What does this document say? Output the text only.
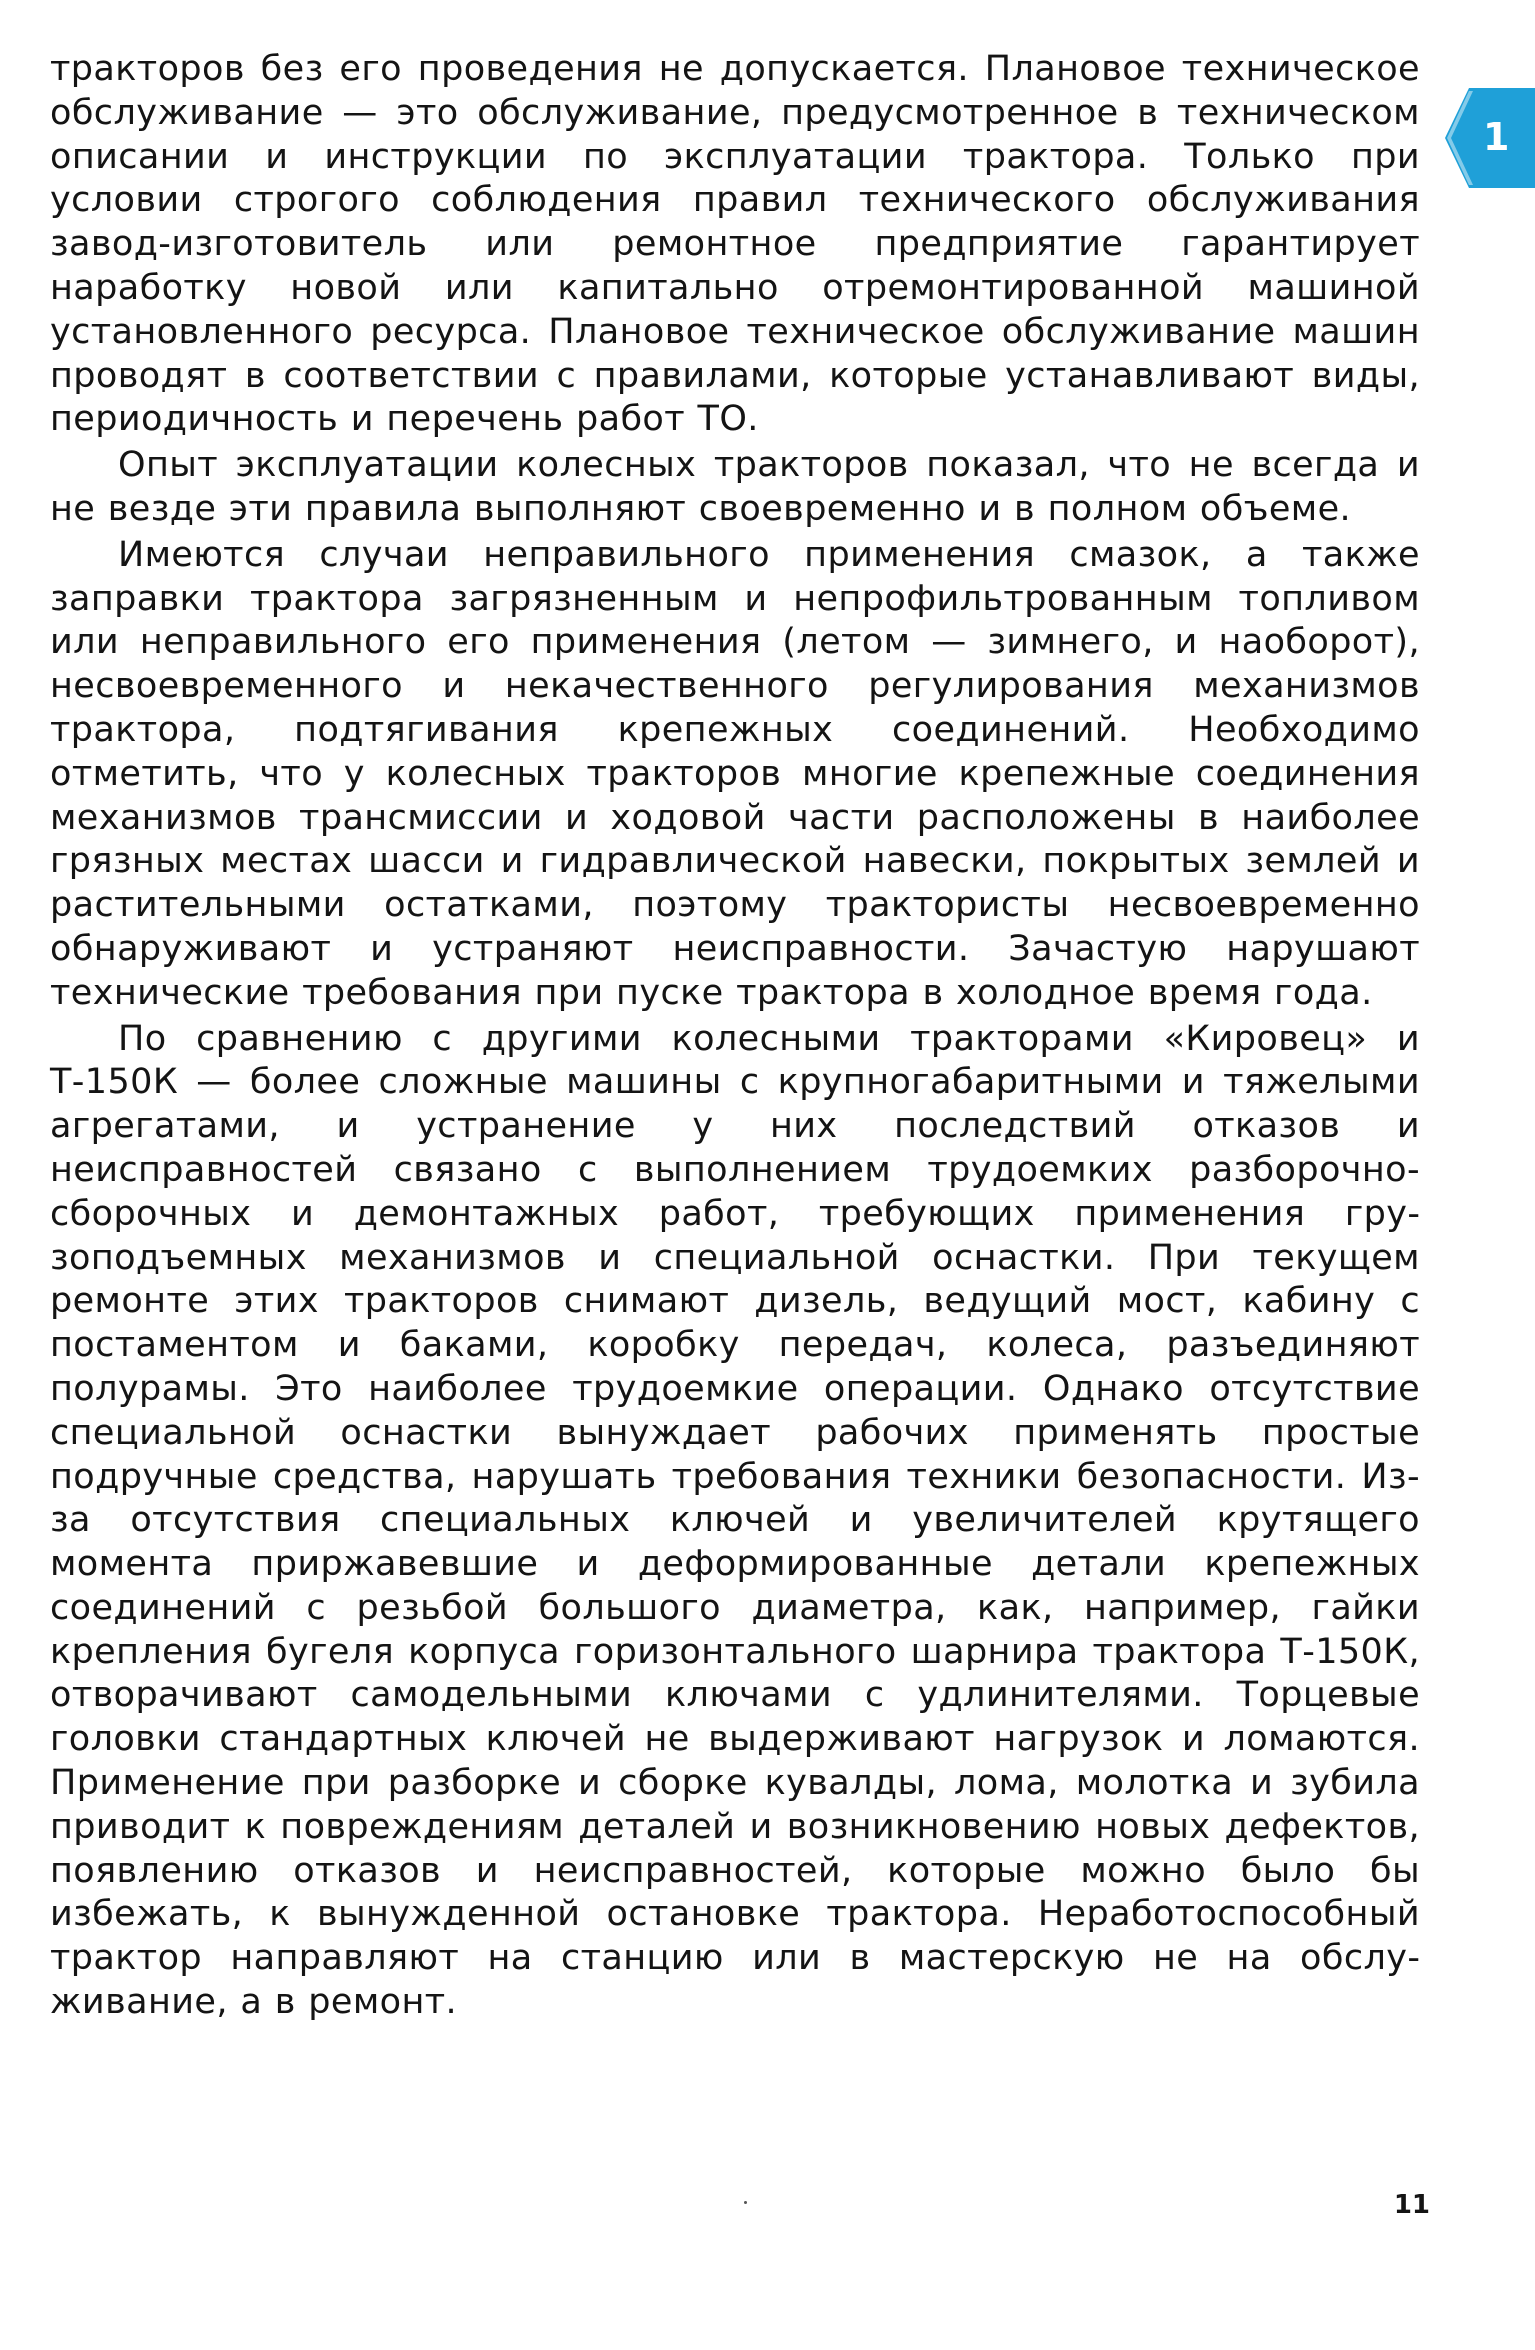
тракторов без его проведения не допускается. Плановое техническое обслуживание — это обслуживание, предусмотренное в техническом описании и инструкции по эксплуатации трактора. Только при условии строгого соблюдения правил технического обслуживания завод-изготовитель или ремонтное предприятие гарантирует наработку новой или капитально отремонтированной машиной установленного ресурса. Плановое техническое обслуживание машин проводят в соответствии с правилами, которые устанавливают виды, периодичность и перечень работ ТО.

Опыт эксплуатации колесных тракторов показал, что не всегда и не везде эти правила выполняют своевременно и в полном объеме.

Имеются случаи неправильного применения смазок, а также заправки трактора загрязненным и непрофильтрованным топливом или неправильного его применения (летом — зимнего, и наоборот), несвоевременного и некачественного регулирования механизмов трактора, подтягивания крепежных соединений. Необходимо отметить, что у колесных тракторов многие крепежные соединения механизмов трансмиссии и ходовой части расположены в наиболее грязных местах шасси и гидравлической навески, покрытых землей и растительными остатками, поэтому трактористы несвоевременно обнаруживают и устраняют неисправности. Зачастую нарушают технические требования при пуске трактора в холодное время года.

По сравнению с другими колесными тракторами «Кировец» и Т-150К — более сложные машины с крупногабаритными и тяжелыми агрегатами, и устранение у них последствий отказов и неисправностей связано с выполнением трудоемких разборочно-сборочных и демонтажных работ, требующих применения грузоподъемных механизмов и специальной оснастки. При текущем ремонте этих тракторов снимают дизель, ведущий мост, кабину с постаментом и баками, коробку передач, колеса, разъединяют полурамы. Это наиболее трудоемкие операции. Однако отсутствие специальной оснастки вынуждает рабочих применять простые подручные средства, нарушать требования техники безопасности. Из-за отсутствия специальных ключей и увеличителей крутящего момента приржавевшие и деформированные детали крепежных соединений с резьбой большого диаметра, как, например, гайки крепления бугеля корпуса горизонтального шарнира трактора Т-150К, отворачивают самодельными ключами с удлинителями. Торцевые головки стандартных ключей не выдерживают нагрузок и ломаются. Применение при разборке и сборке кувалды, лома, молотка и зубила приводит к повреждениям деталей и возникновению новых дефектов, появлению отказов и неисправностей, которые можно было бы избежать, к вынужденной остановке трактора. Неработоспособный трактор направляют на станцию или в мастерскую не на обслуживание, а в ремонт.

1
11
